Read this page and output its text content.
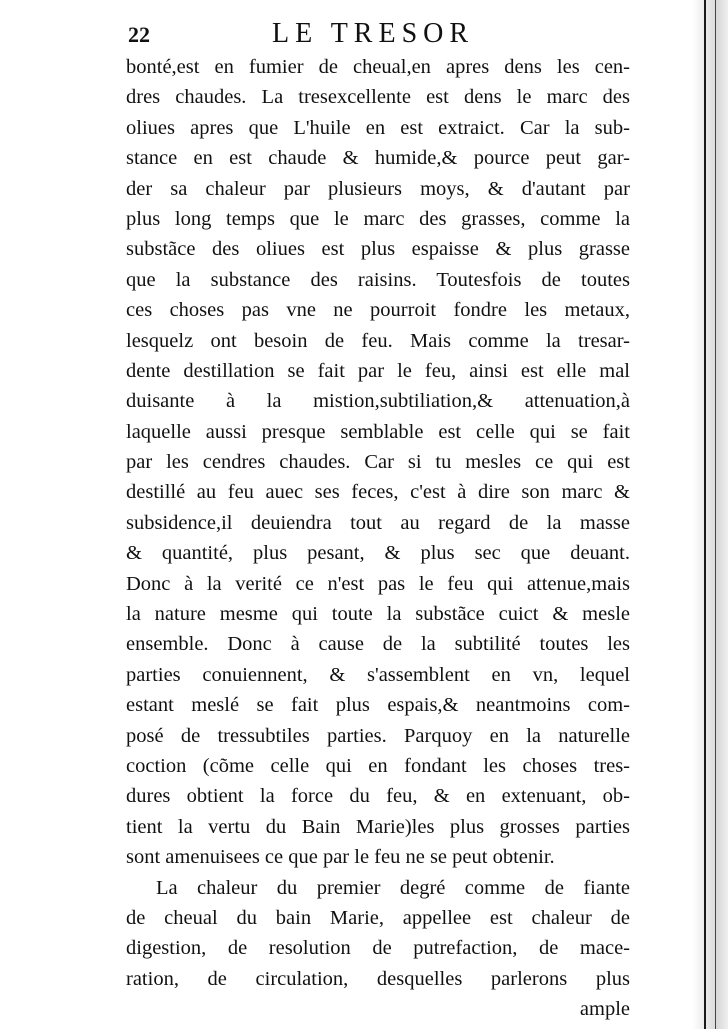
22	LE TRESOR
bonté,est en fumier de cheual,en apres dens les cen-
dres chaudes. La tresexcellente est dens le marc des
oliues apres que L'huile en est extraict. Car la sub-
stance en est chaude & humide,& pource peut gar-
der sa chaleur par plusieurs moys, & d'autant par
plus long temps que le marc des grasses, comme la
substãce des oliues est plus espaisse & plus grasse
que la substance des raisins. Toutesfois de toutes
ces choses pas vne ne pourroit fondre les metaux,
lesquelz ont besoin de feu. Mais comme la tresar-
dente destillation se fait par le feu, ainsi est elle mal
duisante à la mistion,subtiliation,& attenuation,à
laquelle aussi presque semblable est celle qui se fait
par les cendres chaudes. Car si tu mesles ce qui est
destillé au feu auec ses feces, c'est à dire son marc &
subsidence,il deuiendra tout au regard de la masse
& quantité, plus pesant, & plus sec que deuant.
Donc à la verité ce n'est pas le feu qui attenue,mais
la nature mesme qui toute la substãce cuict & mesle
ensemble. Donc à cause de la subtilité toutes les
parties conuiennent, & s'assemblent en vn, lequel
estant meslé se fait plus espais,& neantmoins com-
posé de tressubtiles parties. Parquoy en la naturelle
coction (cõme celle qui en fondant les choses tres-
dures obtient la force du feu, & en extenuant, ob-
tient la vertu du Bain Marie)les plus grosses parties
sont amenuisees ce que par le feu ne se peut obtenir.
La chaleur du premier degré comme de fiante
de cheual du bain Marie, appellee est chaleur de
digestion, de resolution de putrefaction, de mace-
ration, de circulation, desquelles parlerons plus
ample
